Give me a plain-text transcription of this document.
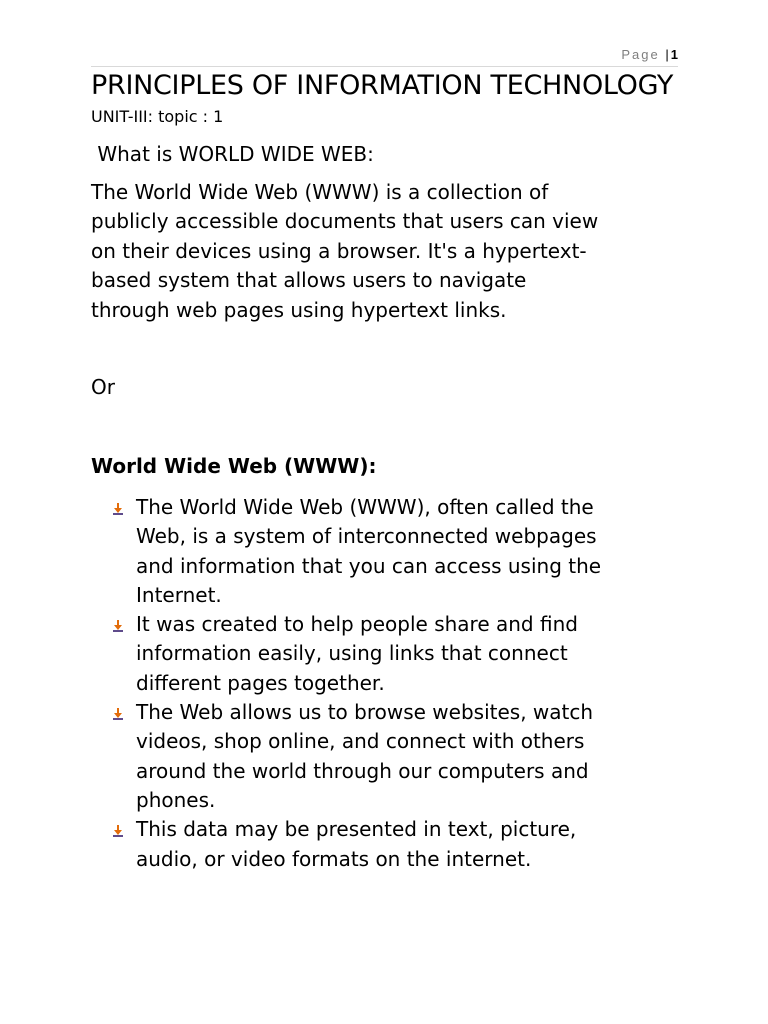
Page | 1
PRINCIPLES OF INFORMATION TECHNOLOGY
UNIT-III: topic : 1
What is WORLD WIDE WEB:
The World Wide Web (WWW) is a collection of
publicly accessible documents that users can view
on their devices using a browser. It's a hypertext-
based system that allows users to navigate
through web pages using hypertext links.
Or
World Wide Web (WWW):
The World Wide Web (WWW), often called the
Web, is a system of interconnected webpages
and information that you can access using the
Internet.
It was created to help people share and find
information easily, using links that connect
different pages together.
The Web allows us to browse websites, watch
videos, shop online, and connect with others
around the world through our computers and
phones.
This data may be presented in text, picture,
audio, or video formats on the internet.
